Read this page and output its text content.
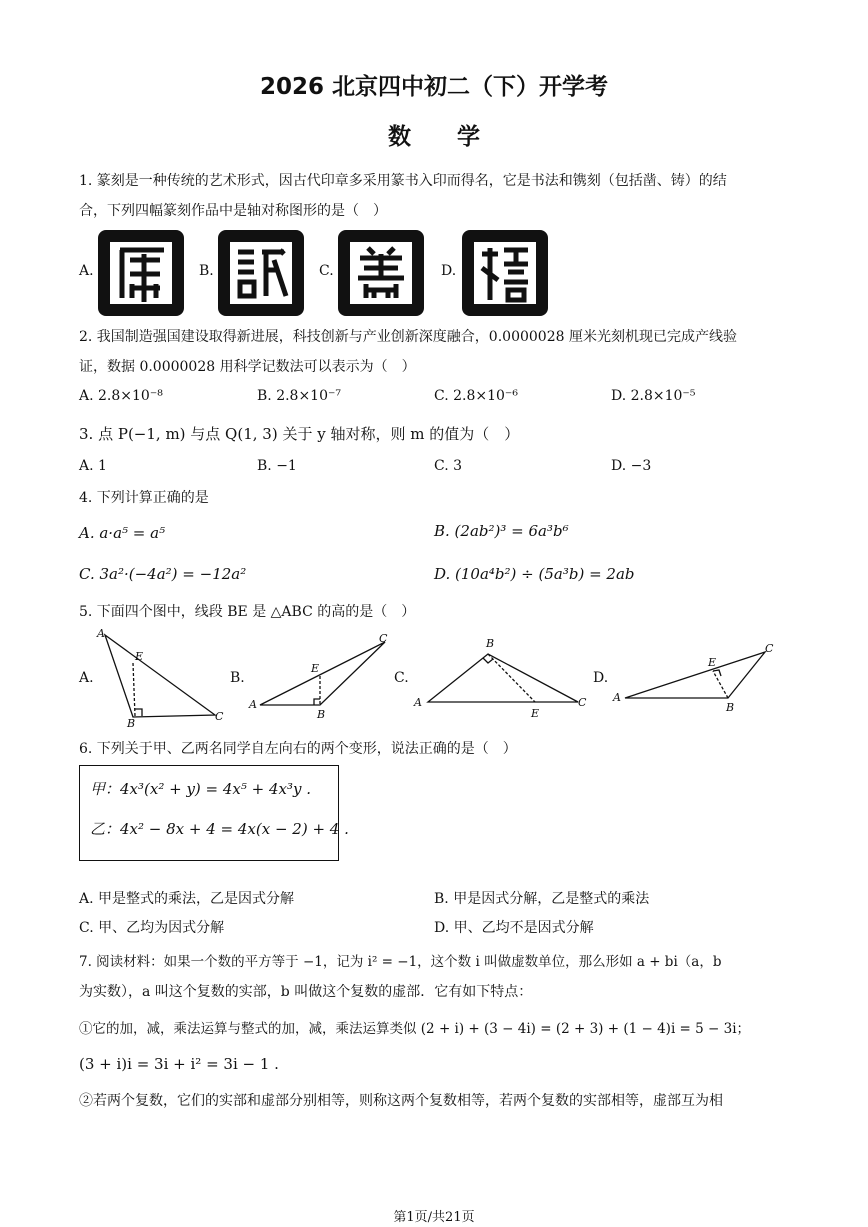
2026 北京四中初二（下）开学考
数　　学
1. 篆刻是一种传统的艺术形式，因古代印章多采用篆书入印而得名，它是书法和镌刻（包括凿、铸）的结
合，下列四幅篆刻作品中是轴对称图形的是（　）
A.	B.	C.	D.
2. 我国制造强国建设取得新进展，科技创新与产业创新深度融合，0.0000028 厘米光刻机现已完成产线验
证，数据 0.0000028 用科学记数法可以表示为（　）
A. 2.8×10⁻⁸	B. 2.8×10⁻⁷	C. 2.8×10⁻⁶	D. 2.8×10⁻⁵
3. 点 P(−1, m) 与点 Q(1, 3) 关于 y 轴对称，则 m 的值为（　）
A. 1	B. −1	C. 3	D. −3
4. 下列计算正确的是
A. a·a⁵ = a⁵	B. (2ab²)³ = 6a³b⁶
C. 3a²·(−4a²) = −12a²	D. (10a⁴b²) ÷ (5a³b) = 2ab
5. 下面四个图中，线段 BE 是 △ABC 的高的是（　）
A.
A
E
B
C
B.
A
E
B
C
C.
A
B
E
C
D.
A
E
B
C
6. 下列关于甲、乙两名同学自左向右的两个变形，说法正确的是（　）
甲：4x³(x² + y) = 4x⁵ + 4x³y .
乙：4x² − 8x + 4 = 4x(x − 2) + 4 .
A. 甲是整式的乘法，乙是因式分解	B. 甲是因式分解，乙是整式的乘法
C. 甲、乙均为因式分解	D. 甲、乙均不是因式分解
7. 阅读材料：如果一个数的平方等于 −1，记为 i² = −1，这个数 i 叫做虚数单位，那么形如 a + bi（a，b
为实数），a 叫这个复数的实部，b 叫做这个复数的虚部．它有如下特点：
①它的加，减，乘法运算与整式的加，减，乘法运算类似 (2 + i) + (3 − 4i) = (2 + 3) + (1 − 4)i = 5 − 3i；
(3 + i)i = 3i + i² = 3i − 1 .
②若两个复数，它们的实部和虚部分别相等，则称这两个复数相等，若两个复数的实部相等，虚部互为相
第1页/共21页
